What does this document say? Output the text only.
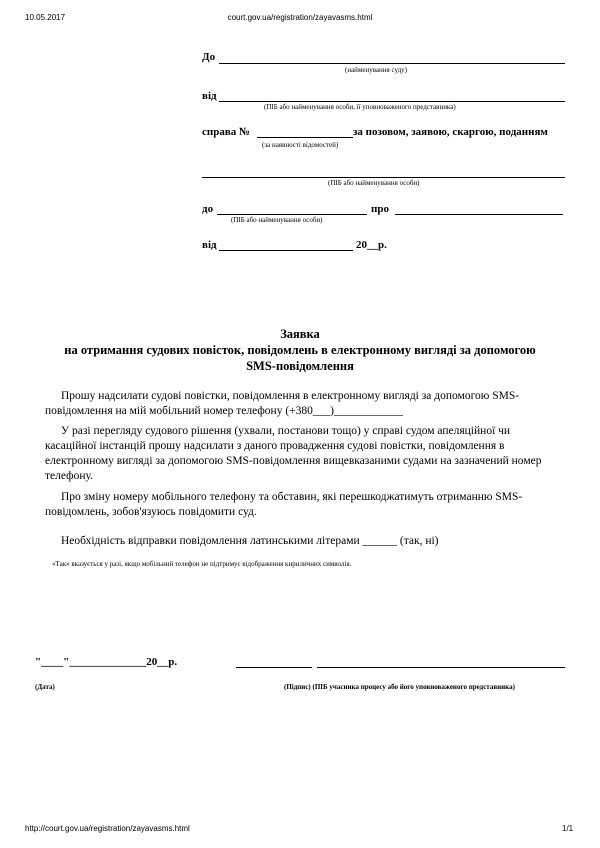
10.05.2017	court.gov.ua/registration/zayavasms.html
До
(найменування суду)
від
(ПІБ або найменування особи, її уповноваженого представника)
справа №	за позовом, заявою, скаргою, поданням
(за наявності відомостей)
(ПІБ або найменування особи)
до	про
(ПІБ або найменування особи)
від	20__р.
Заявка
на отримання судових повісток, повідомлень в електронному вигляді за допомогою
SMS-повідомлення
Прошу надсилати судові повістки, повідомлення в електронному вигляді за допомогою SMS-повідомлення на мій мобільний номер телефону (+380___)____________
У разі перегляду судового рішення (ухвали, постанови тощо) у справі судом апеляційної чи касаційної інстанцій прошу надсилати з даного провадження судові повістки, повідомлення в електронному вигляді за допомогою SMS-повідомлення вищевказаними судами на зазначений номер телефону.
Про зміну номеру мобільного телефону та обставин, які перешкоджатимуть отриманню SMS-повідомлень, зобов'язуюсь повідомити суд.
Необхідність відправки повідомлення латинськими літерами ______ (так, ні)
«Так» вказується у разі, якщо мобільний телефон не підтримує відображення кириличних символів.
"____"______________20__р.
(Дата)	(Підпис) (ПІБ учасника процесу або його уповноваженого представника)
http://court.gov.ua/registration/zayavasms.html	1/1
